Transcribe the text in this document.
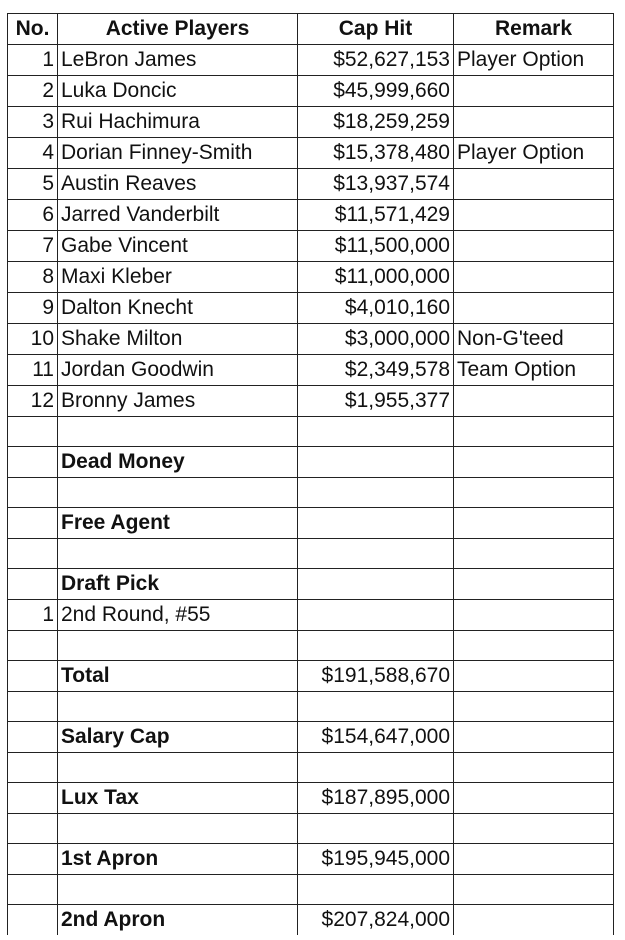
No.	Active Players	Cap Hit	Remark
1	LeBron James	$52,627,153	Player Option
2	Luka Doncic	$45,999,660	
3	Rui Hachimura	$18,259,259	
4	Dorian Finney-Smith	$15,378,480	Player Option
5	Austin Reaves	$13,937,574	
6	Jarred Vanderbilt	$11,571,429	
7	Gabe Vincent	$11,500,000	
8	Maxi Kleber	$11,000,000	
9	Dalton Knecht	$4,010,160	
10	Shake Milton	$3,000,000	Non-G'teed
11	Jordan Goodwin	$2,349,578	Team Option
12	Bronny James	$1,955,377	

	Dead Money		

	Free Agent		

	Draft Pick		
1	2nd Round, #55		

	Total	$191,588,670	

	Salary Cap	$154,647,000	

	Lux Tax	$187,895,000	

	1st Apron	$195,945,000	

	2nd Apron	$207,824,000	
